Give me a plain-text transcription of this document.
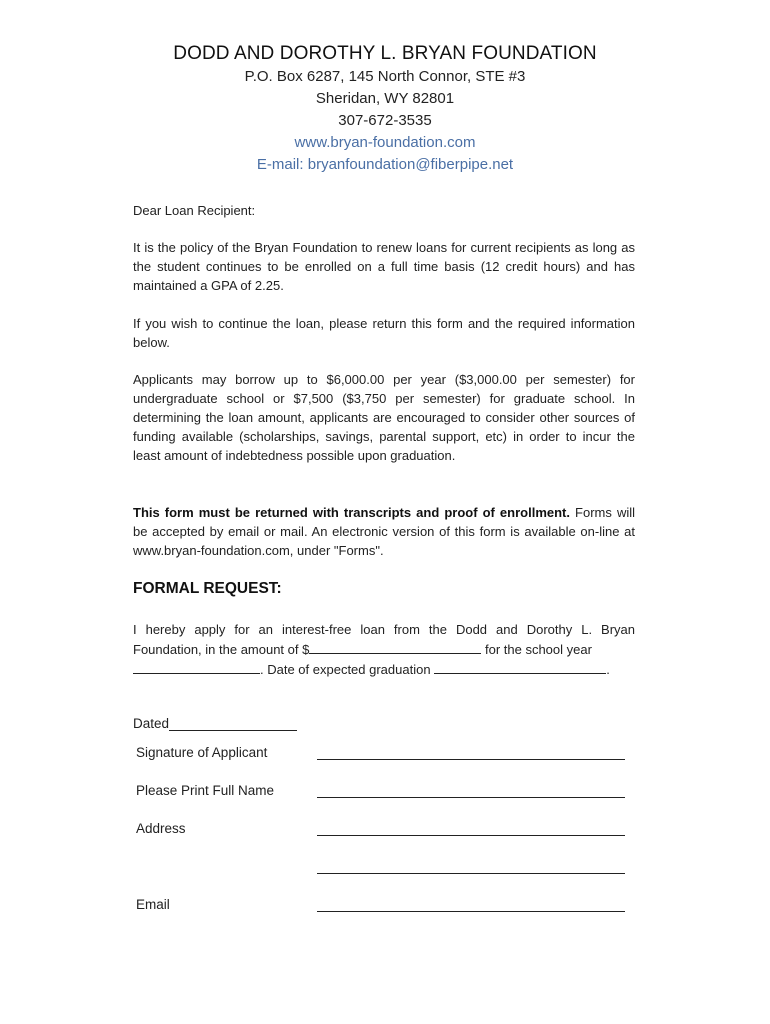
DODD AND DOROTHY L. BRYAN FOUNDATION
P.O. Box 6287, 145 North Connor, STE #3
Sheridan, WY 82801
307-672-3535
www.bryan-foundation.com
E-mail: bryanfoundation@fiberpipe.net
Dear Loan Recipient:
It is the policy of the Bryan Foundation to renew loans for current recipients as long as the student continues to be enrolled on a full time basis (12 credit hours) and has maintained a GPA of 2.25.
If you wish to continue the loan, please return this form and the required information below.
Applicants may borrow up to $6,000.00 per year ($3,000.00 per semester) for undergraduate school or $7,500 ($3,750 per semester) for graduate school. In determining the loan amount, applicants are encouraged to consider other sources of funding available (scholarships, savings, parental support, etc) in order to incur the least amount of indebtedness possible upon graduation.
This form must be returned with transcripts and proof of enrollment. Forms will be accepted by email or mail. An electronic version of this form is available on-line at www.bryan-foundation.com, under "Forms".
FORMAL REQUEST:
I hereby apply for an interest-free loan from the Dodd and Dorothy L. Bryan Foundation, in the amount of $	for the school year
. Date of expected graduation	.
Dated
Signature of Applicant
Please Print Full Name
Address
Email
